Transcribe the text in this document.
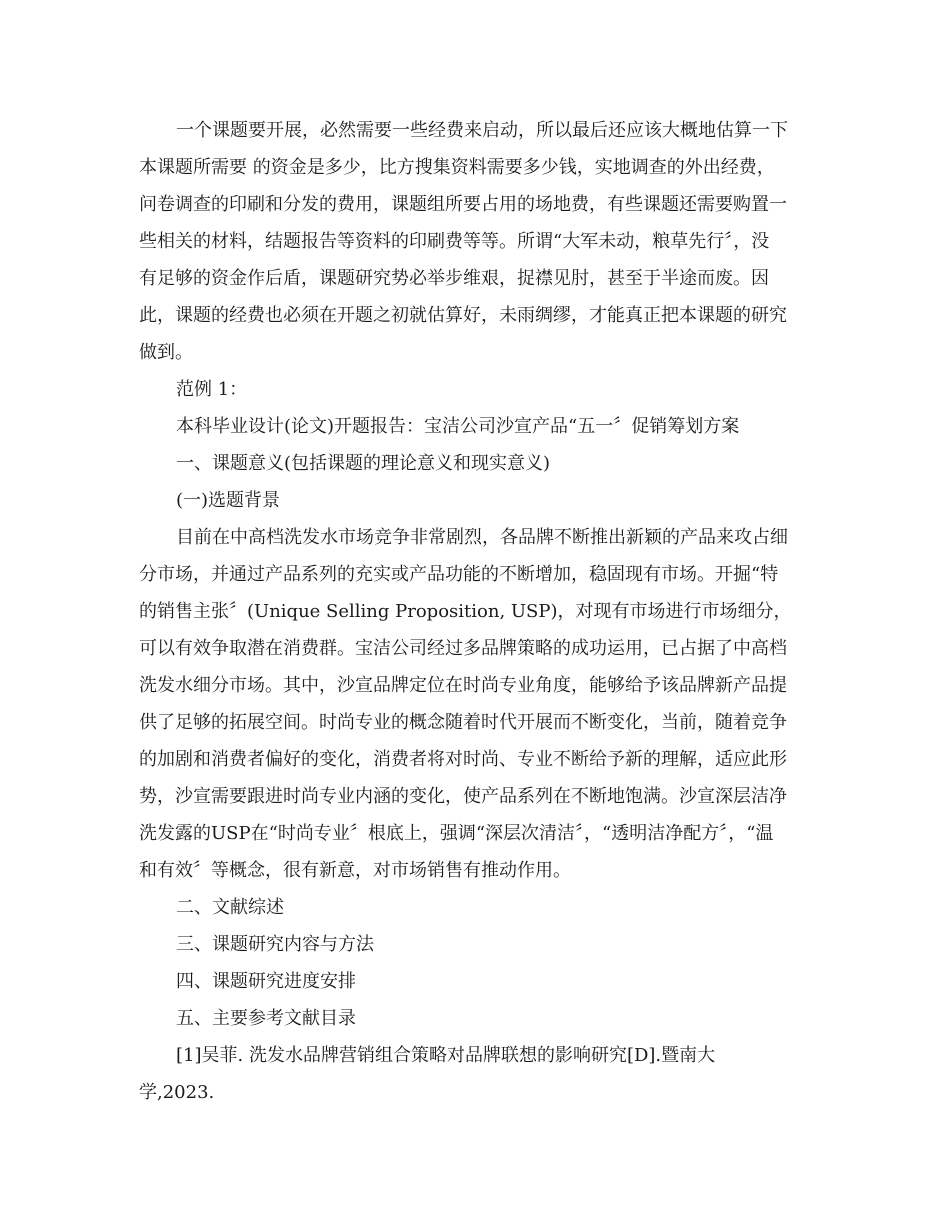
一个课题要开展，必然需要一些经费来启动，所以最后还应该大概地估算一下
本课题所需要 的资金是多少，比方搜集资料需要多少钱，实地调查的外出经费，
问卷调查的印刷和分发的费用，课题组所要占用的场地费，有些课题还需要购置一
些相关的材料，结题报告等资料的印刷费等等。所谓“大军未动，粮草先行〞，没
有足够的资金作后盾，课题研究势必举步维艰，捉襟见肘，甚至于半途而废。因
此，课题的经费也必须在开题之初就估算好，未雨绸缪，才能真正把本课题的研究
做到。
范例 1：
本科毕业设计(论文)开题报告：宝洁公司沙宣产品“五一〞促销筹划方案
一、课题意义(包括课题的理论意义和现实意义)
(一)选题背景
目前在中高档洗发水市场竞争非常剧烈，各品牌不断推出新颖的产品来攻占细
分市场，并通过产品系列的充实或产品功能的不断增加，稳固现有市场。开掘“特
的销售主张〞(Unique Selling Proposition, USP)，对现有市场进行市场细分，
可以有效争取潜在消费群。宝洁公司经过多品牌策略的成功运用，已占据了中高档
洗发水细分市场。其中，沙宣品牌定位在时尚专业角度，能够给予该品牌新产品提
供了足够的拓展空间。时尚专业的概念随着时代开展而不断变化，当前，随着竞争
的加剧和消费者偏好的变化，消费者将对时尚、专业不断给予新的理解，适应此形
势，沙宣需要跟进时尚专业内涵的变化，使产品系列在不断地饱满。沙宣深层洁净
洗发露的USP在“时尚专业〞根底上，强调“深层次清洁〞，“透明洁净配方〞，“温
和有效〞等概念，很有新意，对市场销售有推动作用。
二、文献综述
三、课题研究内容与方法
四、课题研究进度安排
五、主要参考文献目录
[1]吴菲. 洗发水品牌营销组合策略对品牌联想的影响研究[D].暨南大
学,2023.
